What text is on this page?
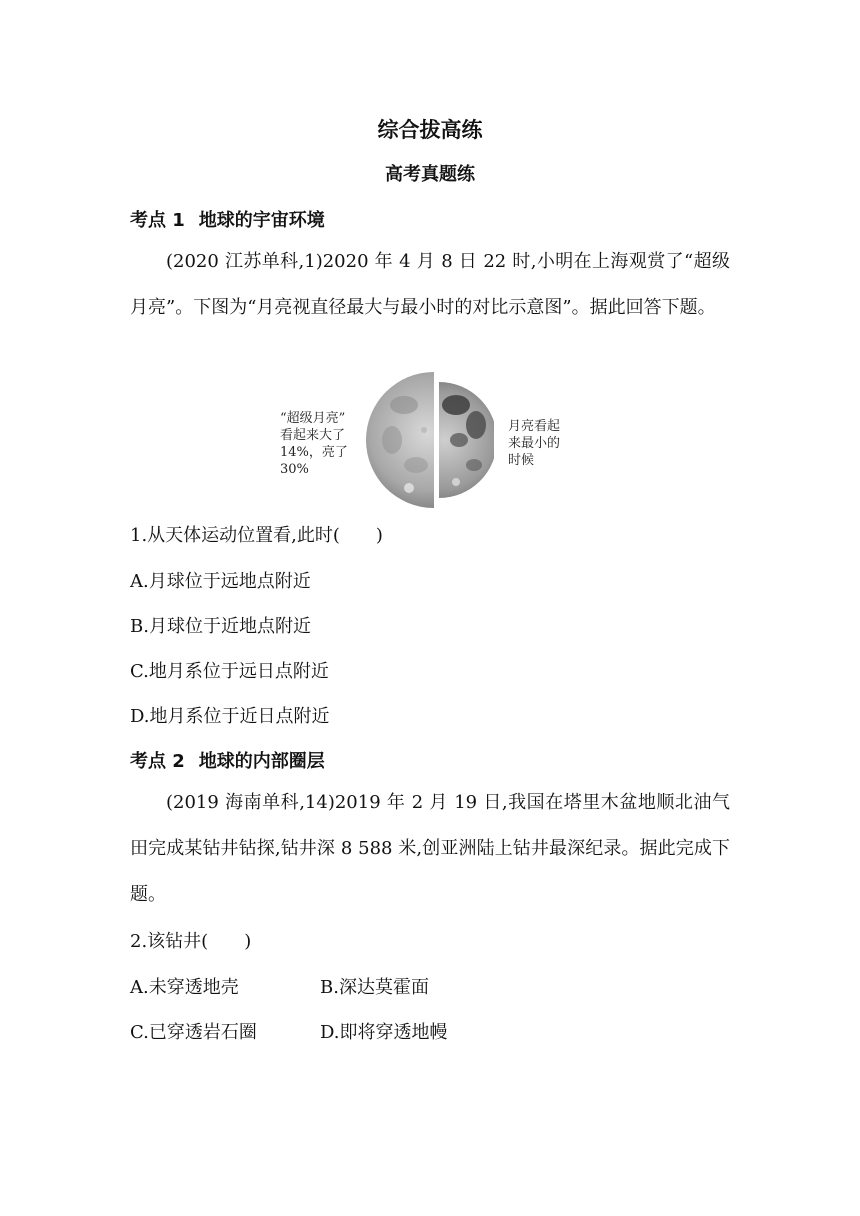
综合拔高练
高考真题练
考点 1 地球的宇宙环境

(2020 江苏单科,1)2020 年 4 月 8 日 22 时,小明在上海观赏了“超级月亮”。下图为“月亮视直径最大与最小时的对比示意图”。据此回答下题。

“超级月亮”
看起来大了
14%，亮了
30%
月亮看起
来最小的
时候
1.从天体运动位置看,此时(　　)
A.月球位于远地点附近
B.月球位于近地点附近
C.地月系位于远日点附近
D.地月系位于近日点附近
考点 2 地球的内部圈层

(2019 海南单科,14)2019 年 2 月 19 日,我国在塔里木盆地顺北油气田完成某钻井钻探,钻井深 8 588 米,创亚洲陆上钻井最深纪录。据此完成下题。

2.该钻井(　　)
A.未穿透地壳	B.深达莫霍面
C.已穿透岩石圈	D.即将穿透地幔
